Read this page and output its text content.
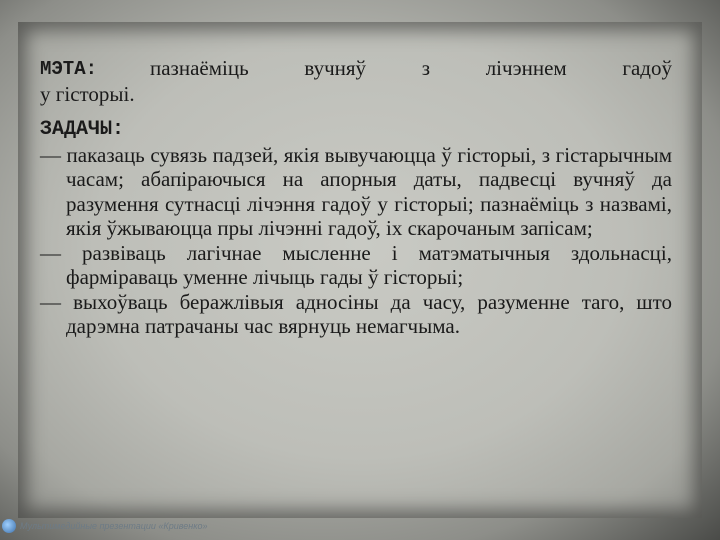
МЭТА:	пазнаёміць вучняў з лічэннем гадоў
у гісторыі.
ЗАДАЧЫ:
— паказаць сувязь падзей, якія вывучаюцца ў гісторыі, з гістарычным часам; абапіраючыся на апорныя даты, падвесці вучняў да разумення сутнасці лічэння гадоў у гісторыі; пазнаёміць з назвамі, якія ўжываюцца пры лічэнні гадоў, іх скарочаным запісам;
— развіваць лагічнае мысленне і матэматычныя здольнасці, фарміраваць уменне лічыць гады ў гісторыі;
— выхоўваць беражлівыя адносіны да часу, разуменне таго, што дарэмна патрачаны час вярнуць немагчыма.
Мультимедийные презентации «Кривенко»
